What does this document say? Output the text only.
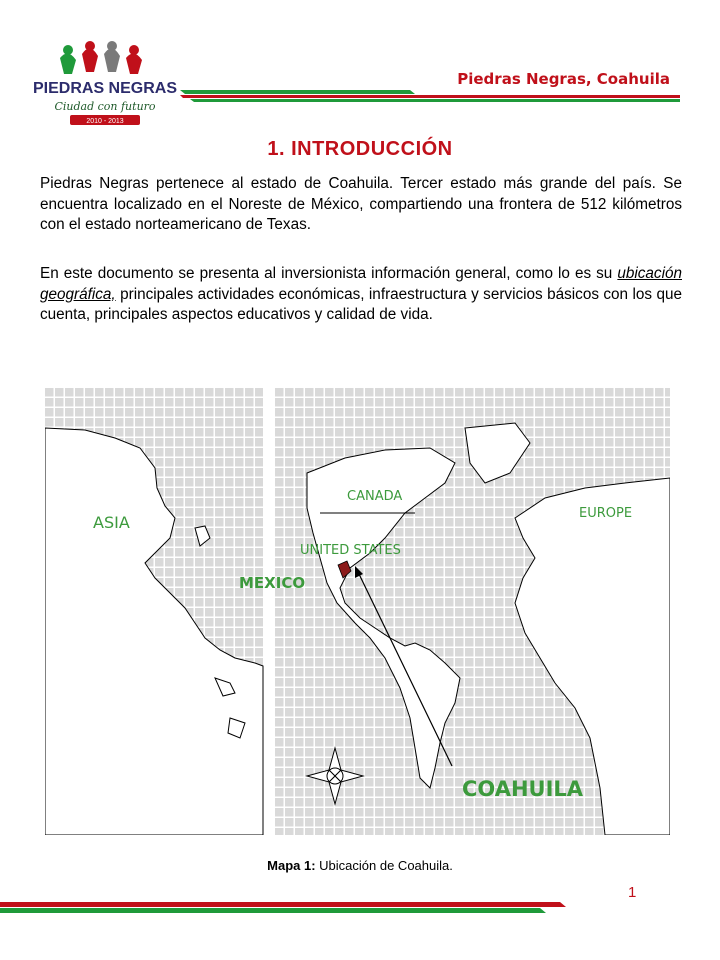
PIEDRAS NEGRAS
Ciudad con futuro
2010 - 2013
Piedras Negras, Coahuila
1. INTRODUCCIÓN
Piedras Negras pertenece al estado de Coahuila. Tercer estado más grande del país. Se encuentra localizado en el Noreste de México, compartiendo una frontera de 512 kilómetros con el estado norteamericano de Texas.
En este documento se presenta al inversionista información general, como lo es su ubicación geográfica, principales actividades económicas, infraestructura y servicios básicos con los que cuenta, principales aspectos educativos y calidad de vida.
ASIA
CANADA
EUROPE
UNITED STATES
MEXICO
COAHUILA
Mapa 1: Ubicación de Coahuila.
1
